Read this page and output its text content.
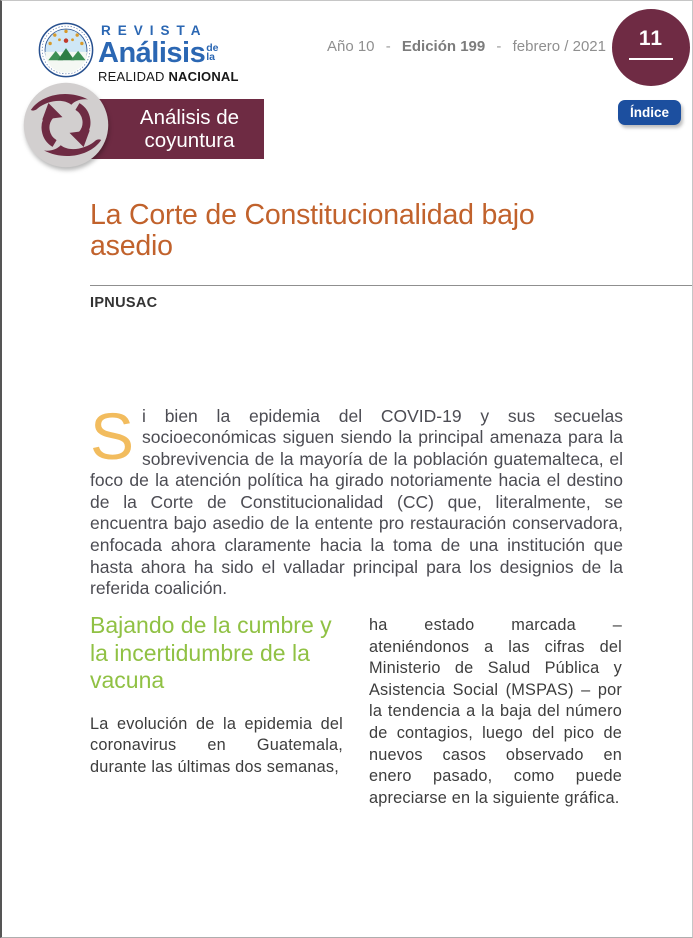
REVISTA
Análisis de
la
REALIDAD NACIONAL
Año 10 - Edición 199 - febrero / 2021	11
Índice
Análisis de
coyuntura
La Corte de Constitucionalidad bajo asedio
IPNUSAC

Si bien la epidemia del COVID-19 y sus secuelas socioeconómicas siguen siendo la principal amenaza para la sobrevivencia de la mayoría de la población guatemalteca, el foco de la atención política ha girado notoriamente hacia el destino de la Corte de Constitucionalidad (CC) que, literalmente, se encuentra bajo asedio de la entente pro restauración conservadora, enfocada ahora claramente hacia la toma de una institución que hasta ahora ha sido el valladar principal para los designios de la referida coalición.

Bajando de la cumbre y la incertidumbre de la vacuna

La evolución de la epidemia del coronavirus en Guatemala, durante las últimas dos semanas,

ha estado marcada –ateniéndonos a las cifras del Ministerio de Salud Pública y Asistencia Social (MSPAS) – por la tendencia a la baja del número de contagios, luego del pico de nuevos casos observado en enero pasado, como puede apreciarse en la siguiente gráfica.
